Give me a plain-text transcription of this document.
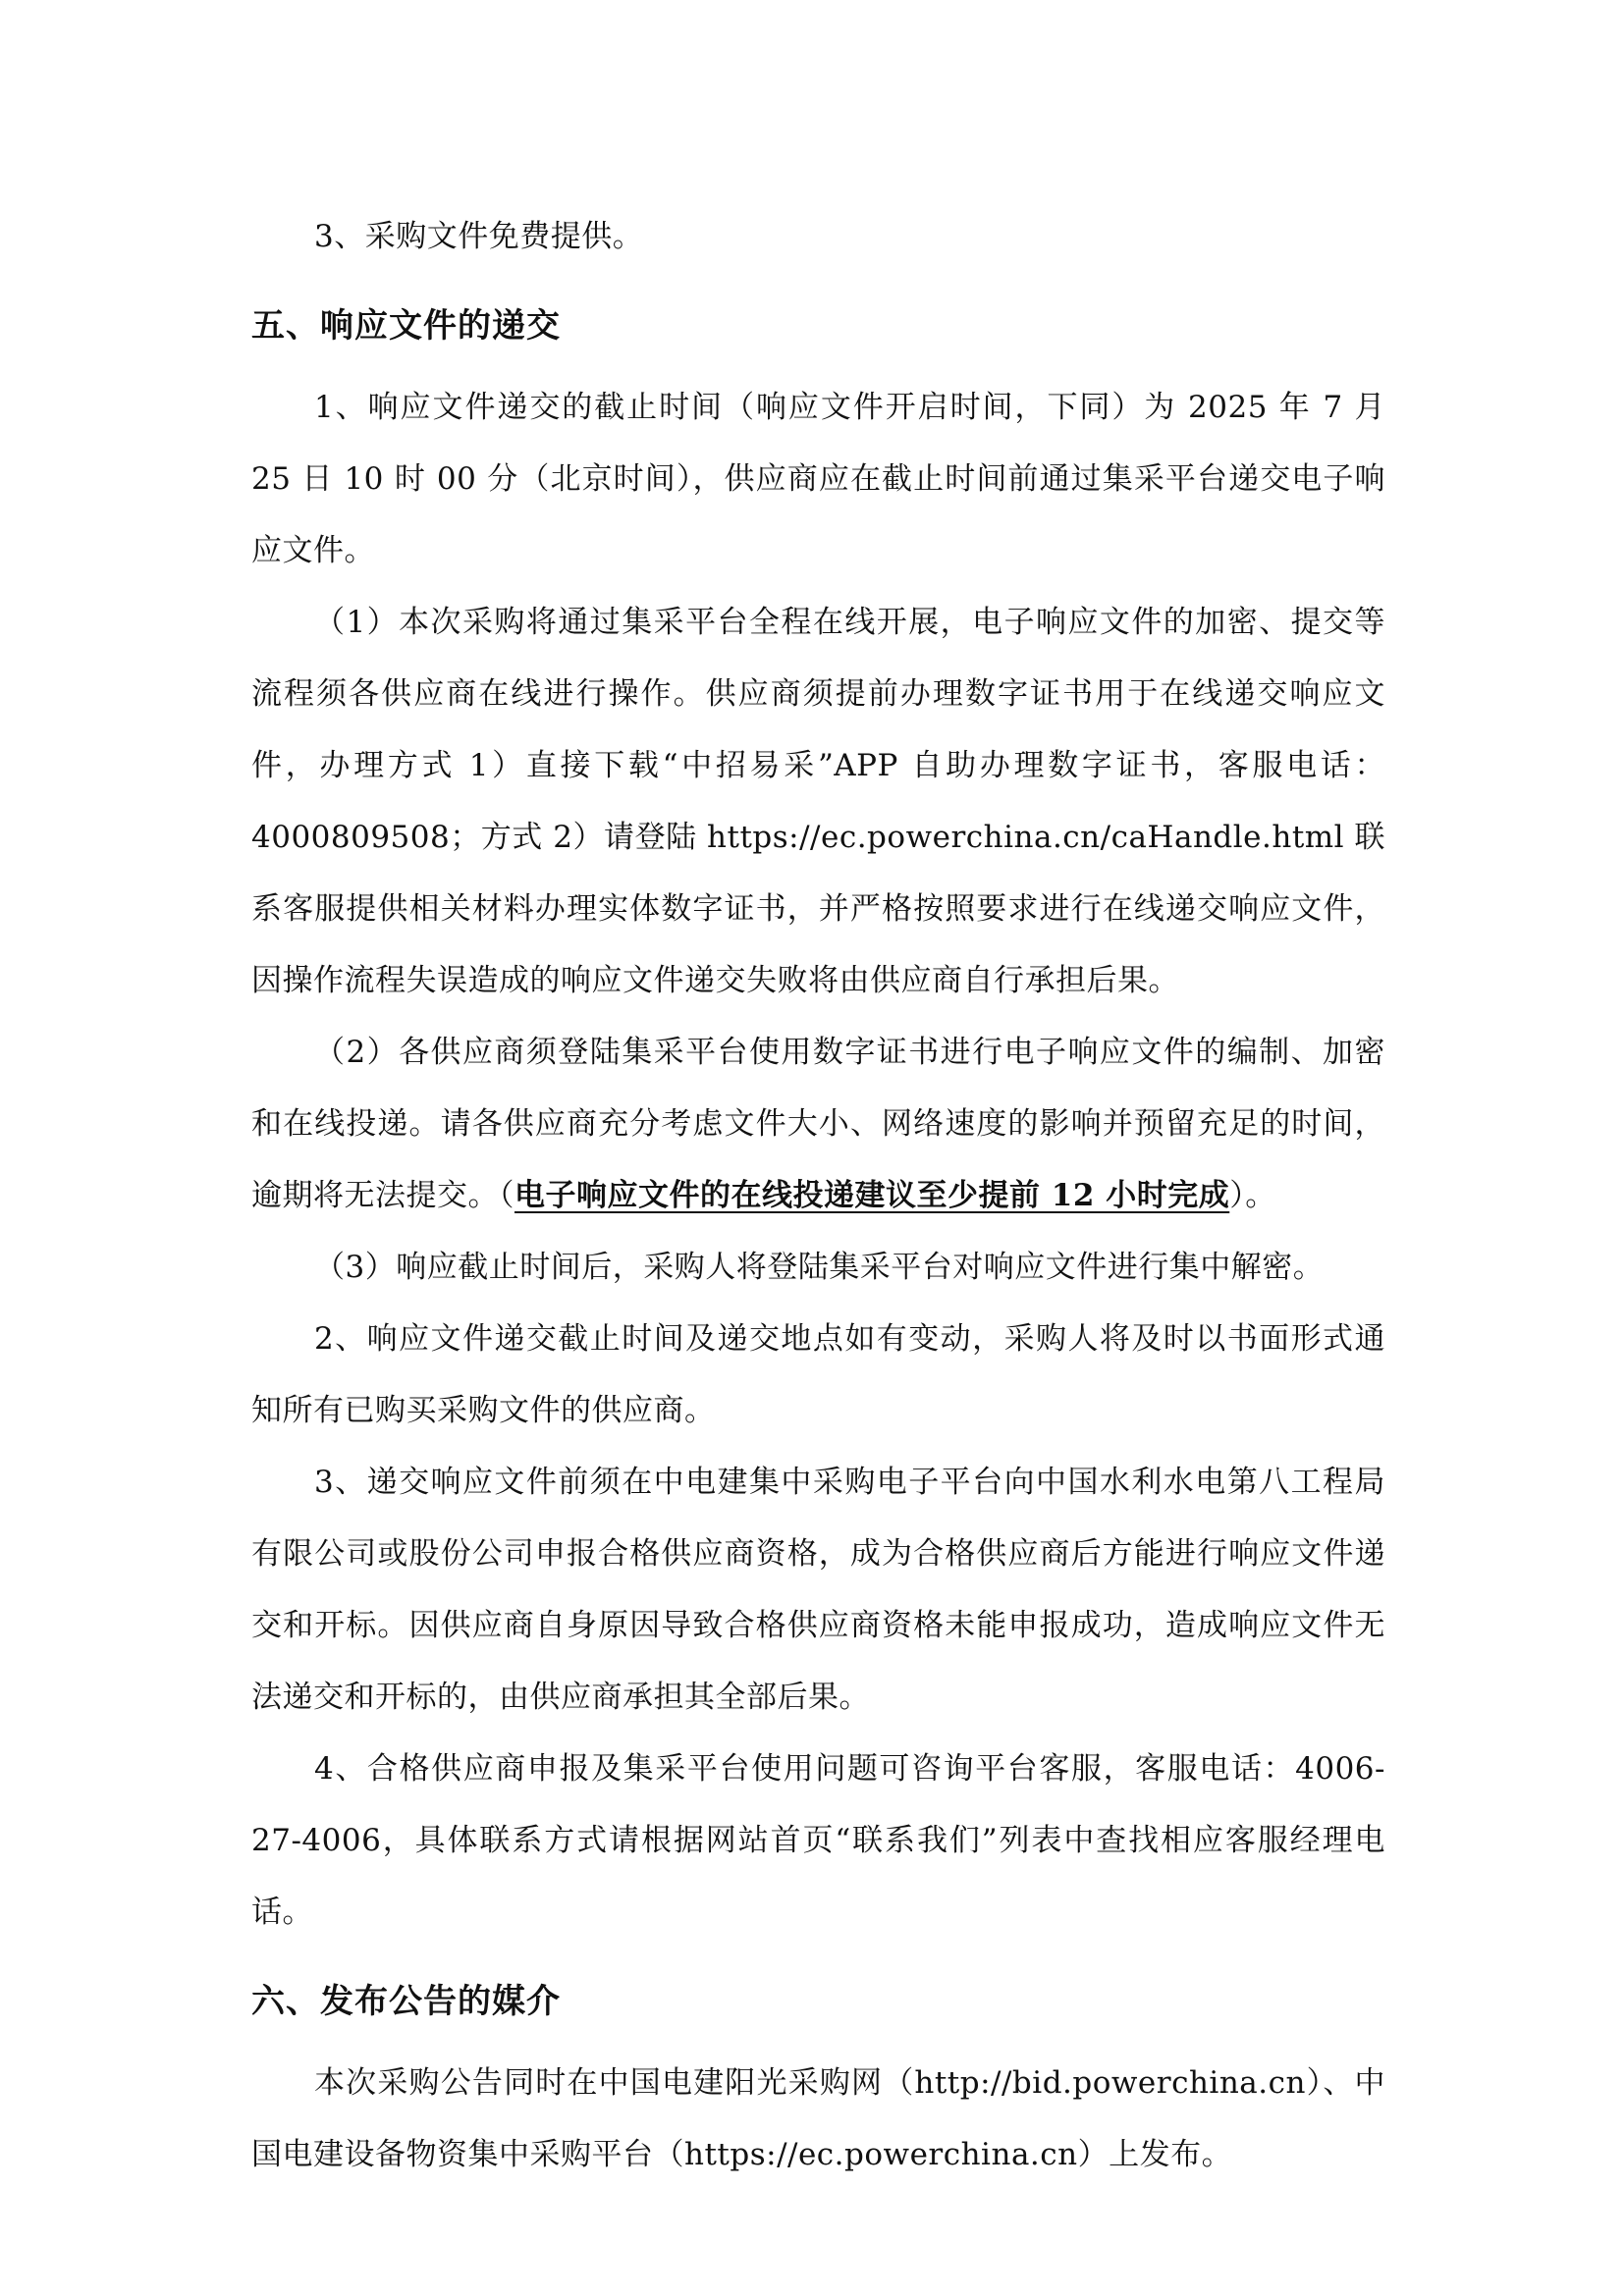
3、采购文件免费提供。

五、响应文件的递交

1、响应文件递交的截止时间（响应文件开启时间，下同）为 2025 年 7 月 25 日 10 时 00 分（北京时间），供应商应在截止时间前通过集采平台递交电子响应文件。

（1）本次采购将通过集采平台全程在线开展，电子响应文件的加密、提交等流程须各供应商在线进行操作。供应商须提前办理数字证书用于在线递交响应文件，办理方式 1）直接下载“中招易采”APP 自助办理数字证书，客服电话：4000809508；方式 2）请登陆 https://ec.powerchina.cn/caHandle.html 联系客服提供相关材料办理实体数字证书，并严格按照要求进行在线递交响应文件，因操作流程失误造成的响应文件递交失败将由供应商自行承担后果。

（2）各供应商须登陆集采平台使用数字证书进行电子响应文件的编制、加密和在线投递。请各供应商充分考虑文件大小、网络速度的影响并预留充足的时间，逾期将无法提交。（电子响应文件的在线投递建议至少提前 12 小时完成）。

（3）响应截止时间后，采购人将登陆集采平台对响应文件进行集中解密。

2、响应文件递交截止时间及递交地点如有变动，采购人将及时以书面形式通知所有已购买采购文件的供应商。

3、递交响应文件前须在中电建集中采购电子平台向中国水利水电第八工程局有限公司或股份公司申报合格供应商资格，成为合格供应商后方能进行响应文件递交和开标。因供应商自身原因导致合格供应商资格未能申报成功，造成响应文件无法递交和开标的，由供应商承担其全部后果。

4、合格供应商申报及集采平台使用问题可咨询平台客服，客服电话：4006-27-4006，具体联系方式请根据网站首页“联系我们”列表中查找相应客服经理电话。

六、发布公告的媒介

本次采购公告同时在中国电建阳光采购网（http://bid.powerchina.cn）、中国电建设备物资集中采购平台（https://ec.powerchina.cn）上发布。
